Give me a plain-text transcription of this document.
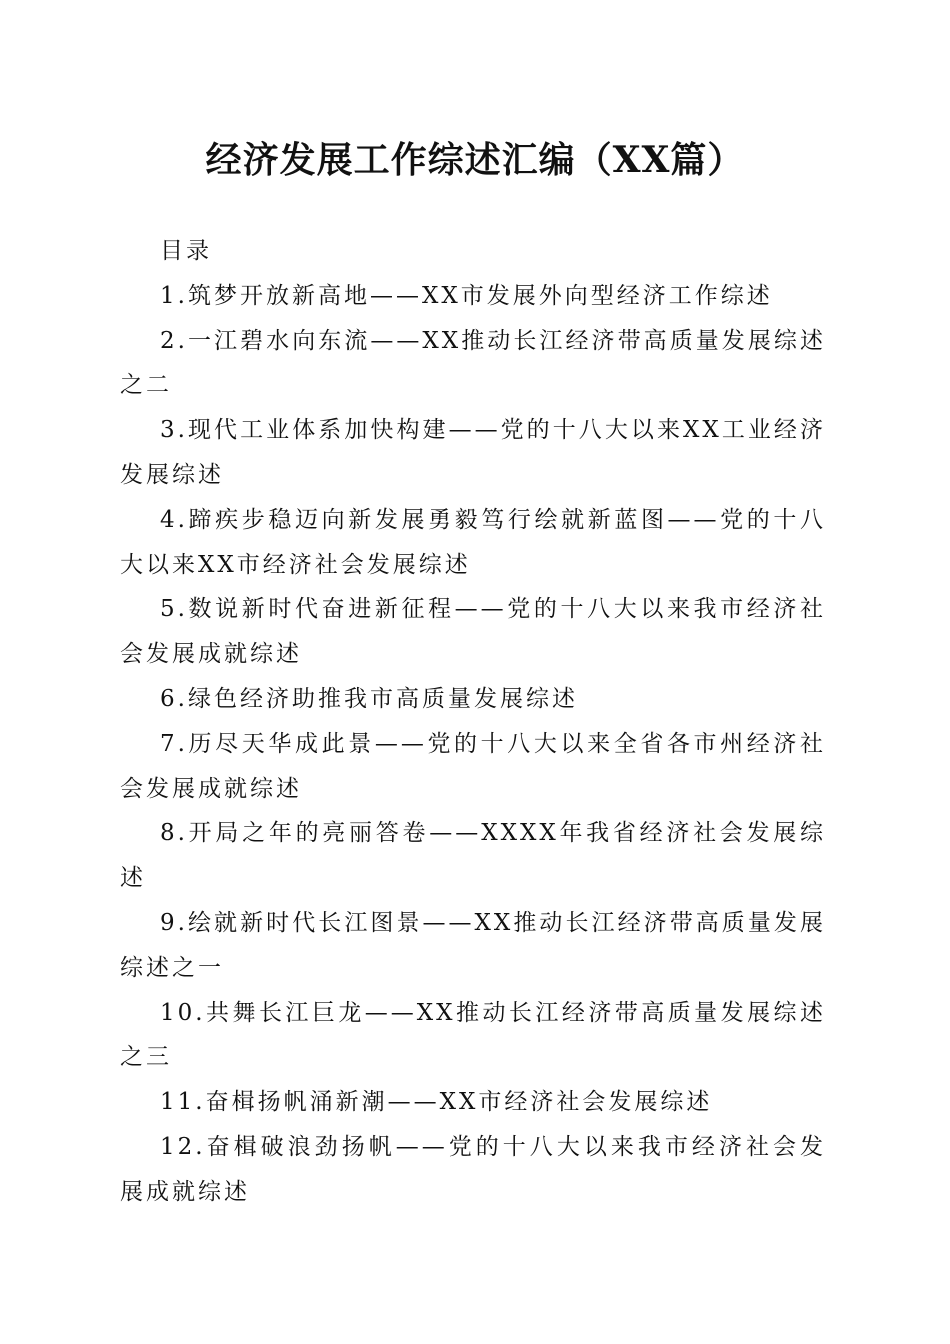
经济发展工作综述汇编（XX篇）

目录

1.筑梦开放新高地——XX市发展外向型经济工作综述
2.一江碧水向东流——XX推动长江经济带高质量发展综述之二
3.现代工业体系加快构建——党的十八大以来XX工业经济发展综述
4.蹄疾步稳迈向新发展勇毅笃行绘就新蓝图——党的十八大以来XX市经济社会发展综述
5.数说新时代奋进新征程——党的十八大以来我市经济社会发展成就综述
6.绿色经济助推我市高质量发展综述
7.历尽天华成此景——党的十八大以来全省各市州经济社会发展成就综述
8.开局之年的亮丽答卷——XXXX年我省经济社会发展综述
9.绘就新时代长江图景——XX推动长江经济带高质量发展综述之一
10.共舞长江巨龙——XX推动长江经济带高质量发展综述之三
11.奋楫扬帆涌新潮——XX市经济社会发展综述
12.奋楫破浪劲扬帆——党的十八大以来我市经济社会发展成就综述
